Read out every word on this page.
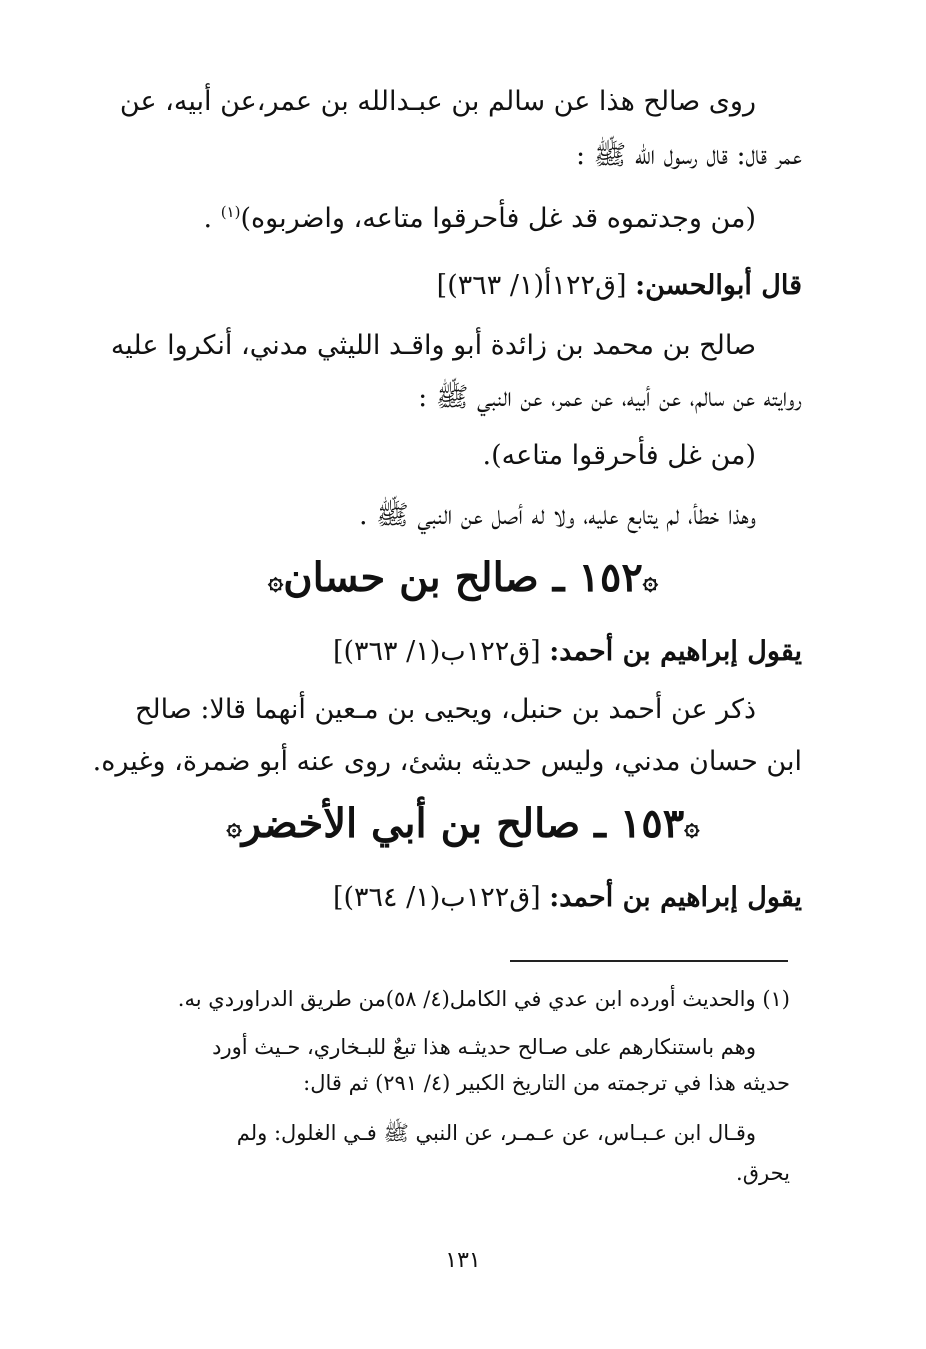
روى صالح هذا عن سالم بن عبـدالله بن عمر،عن أبيه، عن
عمر قال: قال رسول الله ﷺ :
(من وجدتموه قد غل فأحرقوا متاعه، واضربوه)$^{(١)}$ .
قال أبوالحسن: [ق١٢٢أ(١/ ٣٦٣)]
صالح بن محمد بن زائدة أبو واقـد الليثي مدني، أنكروا عليه
روايته عن سالم، عن أبيه، عن عمر، عن النبي ﷺ :
(من غل فأحرقوا متاعه).
وهذا خطأ، لم يتابع عليه، ولا له أصل عن النبي ﷺ .
۞١٥٢ ـ صالح بن حسان۞
يقول إبراهيم بن أحمد: [ق١٢٢ب(١/ ٣٦٣)]
ذكر عن أحمد بن حنبل، ويحيى بن مـعين أنهما قالا: صالح
ابن حسان مدني، وليس حديثه بشئ، روى عنه أبو ضمرة، وغيره.
۞١٥٣ ـ صالح بن أبي الأخضر۞
يقول إبراهيم بن أحمد: [ق١٢٢ب(١/ ٣٦٤)]
(١) والحديث أورده ابن عدي في الكامل(٤/ ٥٨)من طريق الدراوردي به.
وهم باستنكارهم على صـالح حديثـه هذا تبعٌ للبـخاري، حـيث أورد
حديثه هذا في ترجمته من التاريخ الكبير (٤/ ٢٩١) ثم قال:
وقـال ابن عـبـاس، عن عـمـر، عن النبي ﷺ فـي الغلول: ولم
يحرق.
١٣١
